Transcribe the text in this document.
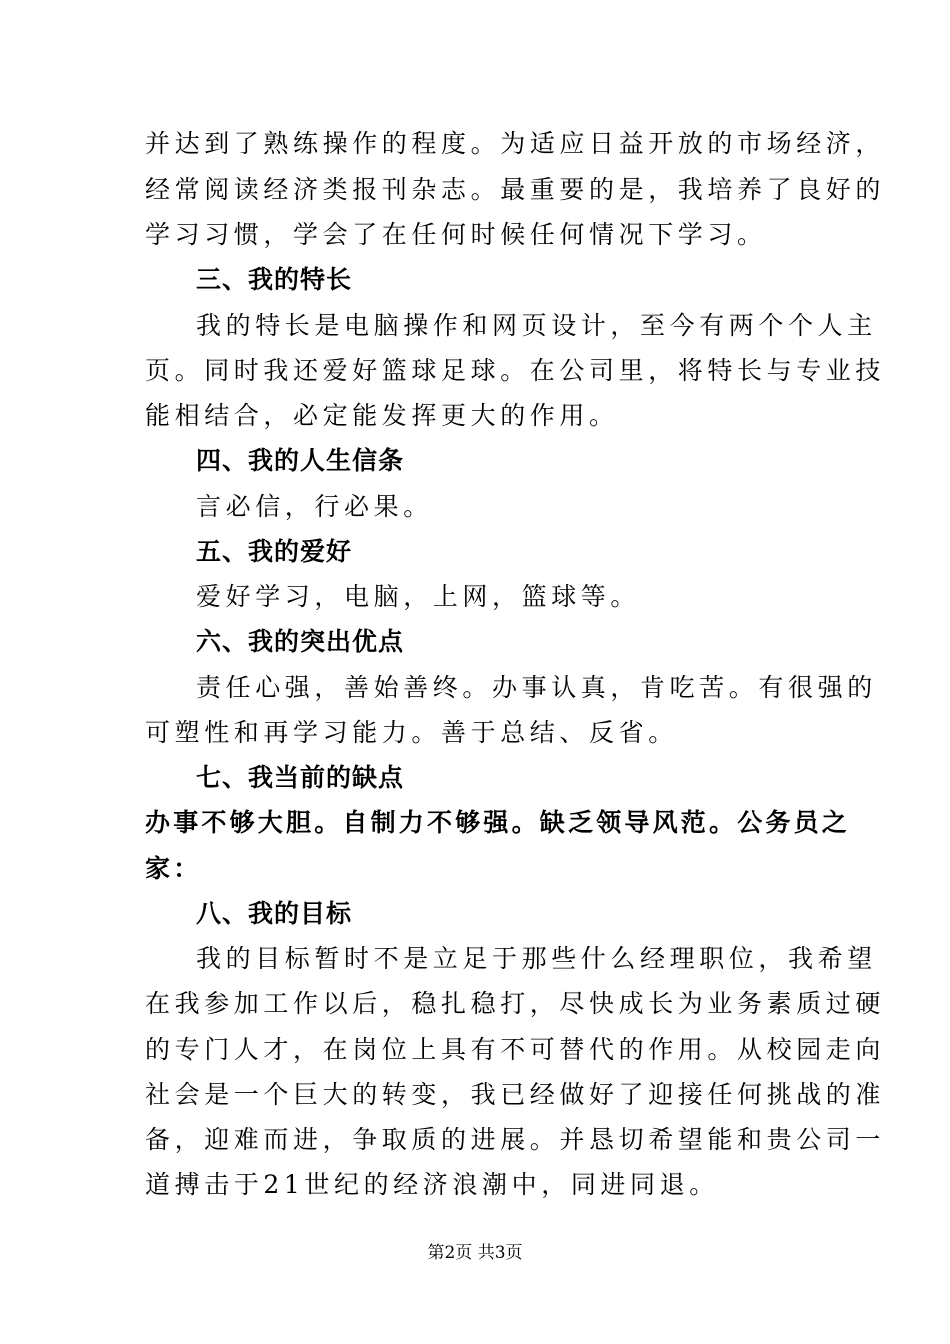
并达到了熟练操作的程度。为适应日益开放的市场经济，
经常阅读经济类报刊杂志。最重要的是，我培养了良好的
学习习惯，学会了在任何时候任何情况下学习。
三、我的特长
我的特长是电脑操作和网页设计，至今有两个个人主
页。同时我还爱好篮球足球。在公司里，将特长与专业技
能相结合，必定能发挥更大的作用。
四、我的人生信条
言必信，行必果。
五、我的爱好
爱好学习，电脑，上网，篮球等。
六、我的突出优点
责任心强，善始善终。办事认真，肯吃苦。有很强的
可塑性和再学习能力。善于总结、反省。
七、我当前的缺点
办事不够大胆。自制力不够强。缺乏领导风范。公务员之
家：
八、我的目标
我的目标暂时不是立足于那些什么经理职位，我希望
在我参加工作以后，稳扎稳打，尽快成长为业务素质过硬
的专门人才，在岗位上具有不可替代的作用。从校园走向
社会是一个巨大的转变，我已经做好了迎接任何挑战的准
备，迎难而进，争取质的进展。并恳切希望能和贵公司一
道搏击于21世纪的经济浪潮中，同进同退。
第2页 共3页
